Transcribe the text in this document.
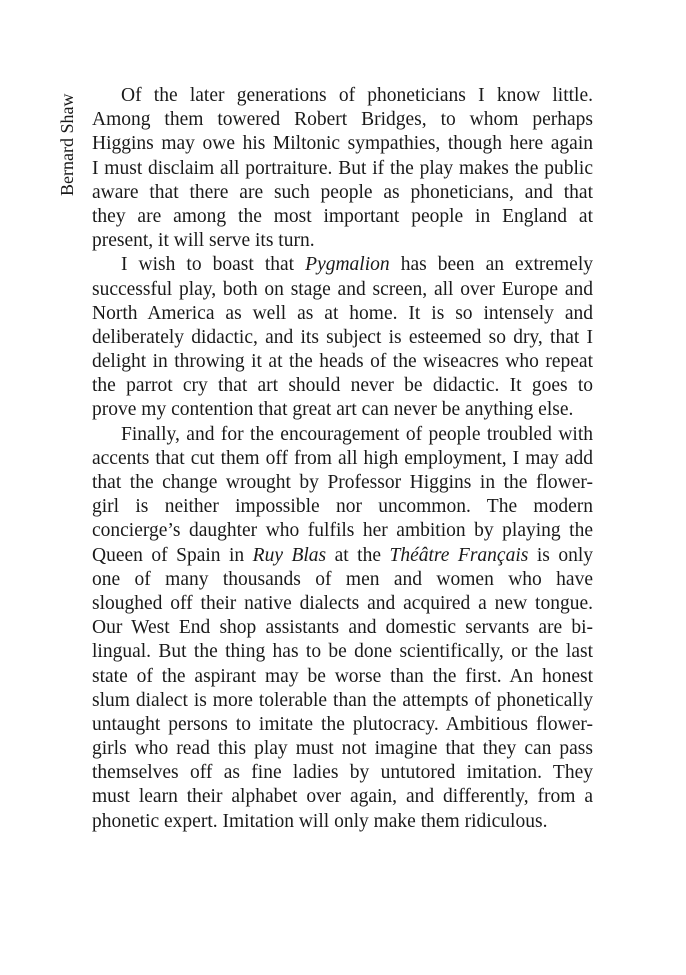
Bernard Shaw	Of the later generations of phoneticians I know little.
Among them towered Robert Bridges, to whom perhaps
Higgins may owe his Miltonic sympathies, though here again
I must disclaim all portraiture. But if the play makes the public
aware that there are such people as phoneticians, and that
they are among the most important people in England at
present, it will serve its turn.
I wish to boast that Pygmalion has been an extremely
successful play, both on stage and screen, all over Europe and
North America as well as at home. It is so intensely and
deliberately didactic, and its subject is esteemed so dry, that I
delight in throwing it at the heads of the wiseacres who repeat
the parrot cry that art should never be didactic. It goes to
prove my contention that great art can never be anything else.
Finally, and for the encouragement of people troubled with
accents that cut them off from all high employment, I may add
that the change wrought by Professor Higgins in the flower-
girl is neither impossible nor uncommon. The modern
concierge’s daughter who fulfils her ambition by playing the
Queen of Spain in Ruy Blas at the Théâtre Français is only
one of many thousands of men and women who have
sloughed off their native dialects and acquired a new tongue.
Our West End shop assistants and domestic servants are bi-
lingual. But the thing has to be done scientifically, or the last
state of the aspirant may be worse than the first. An honest
slum dialect is more tolerable than the attempts of phonetically
untaught persons to imitate the plutocracy. Ambitious flower-
girls who read this play must not imagine that they can pass
themselves off as fine ladies by untutored imitation. They
must learn their alphabet over again, and differently, from a
phonetic expert. Imitation will only make them ridiculous.
